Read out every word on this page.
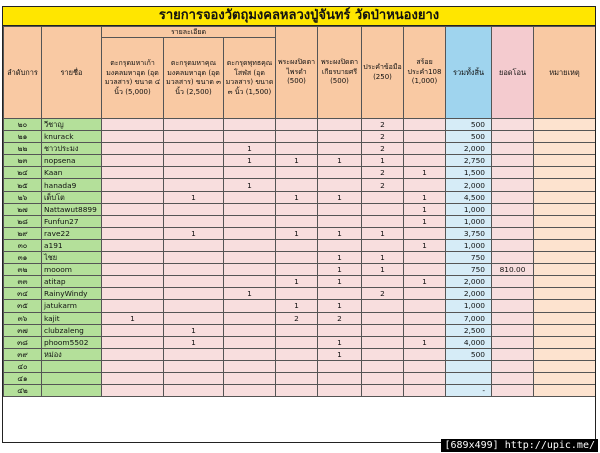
รายการจองวัตถุมงคลหลวงปู่จันทร์ วัดป่าหนองยาง
ลำดับการ	รายชื่อ	รายละเอียด			พระผงปิดตาไพรดำ (500)	พระผงปิดตาเกียรบายศรี (500)	ประคำข้อมือ (250)	สร้อยประคำ108 (1,000)	รวมทั้งสิ้น	ยอดโอน	หมายเหตุ
		ตะกรุดมหาเก้ามงคลมหาอุด (อุดมวลสาร) ขนาด ๔ นิ้ว (5,000)	ตะกรุดมหาคุณมงคลมหาอุด (อุดมวลสาร) ขนาด ๓ นิ้ว (2,500)	ตะกรุดพุทธคุณโสฬส (อุดมวลสาร) ขนาด ๓ นิ้ว (1,500)							
๒๐	วีชาญ						2		500		
๒๑	knurack						2		500		
๒๒	ชาวประมง			1			2		2,000		
๒๓	nopsena			1	1	1	1		2,750		
๒๔	Kaan						2	1	1,500		
๒๕	hanada9			1			2		2,000		
๒๖	เต็บโต		1		1	1		1	4,500		
๒๗	Nattawut8899							1	1,000		
๒๘	Funfun27							1	1,000		
๒๙	rave22		1		1	1	1		3,750		
๓๐	a191							1	1,000		
๓๑	ไชย					1	1		750		
๓๒	mooom					1	1		750	810.00	
๓๓	atitap				1	1		1	2,000		
๓๔	RainyWindy			1			2		2,000		
๓๕	jatukarm				1	1			1,000		
๓๖	kajit	1			2	2			7,000		
๓๗	clubzaleng		1						2,500		
๓๘	phoom5502		1			1		1	4,000		
๓๙	หม่อง					1			500		
๔๐											
๔๑											
๔๒									-		
[689x499] http://upic.me/
